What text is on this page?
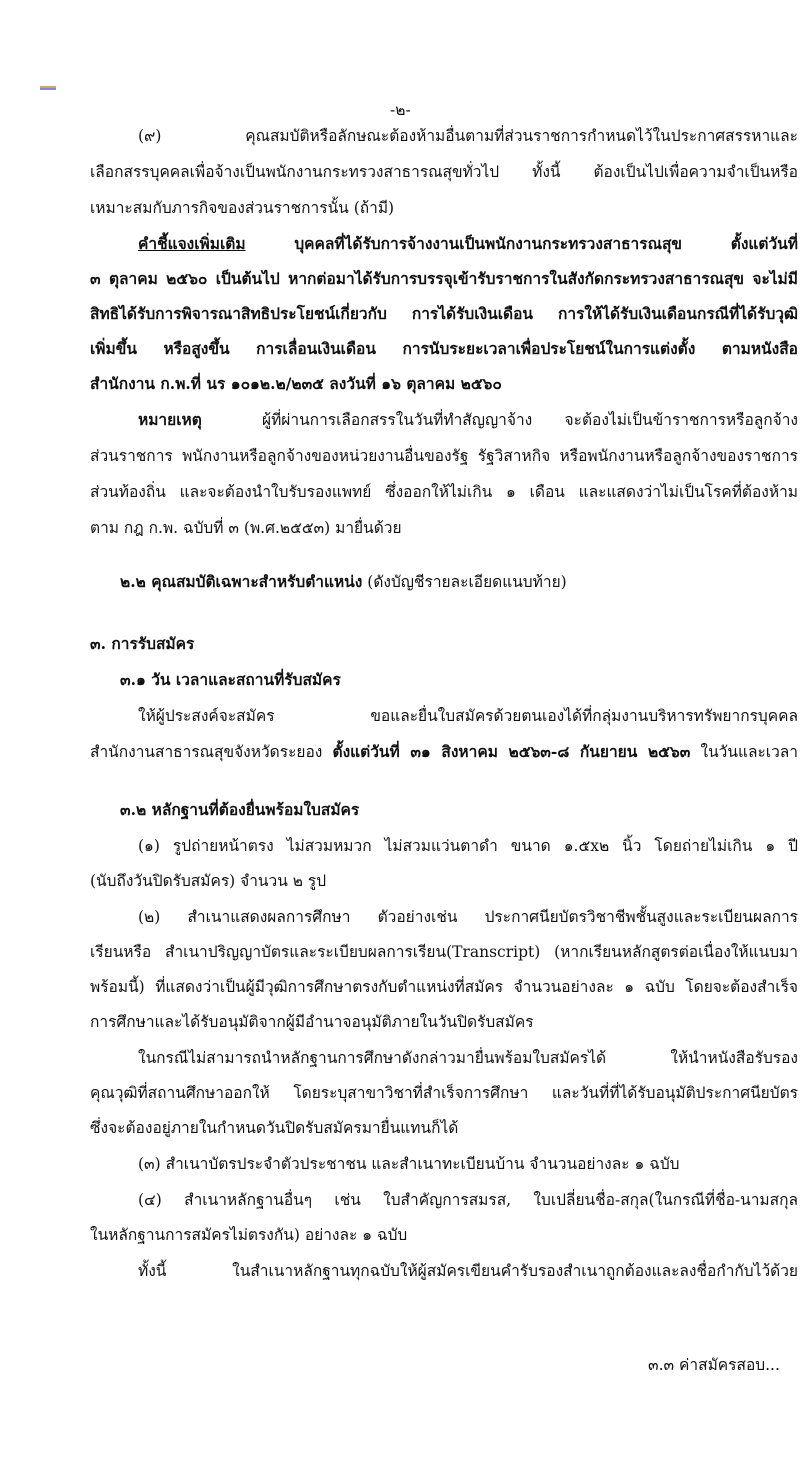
-๒-
(๙) คุณสมบัติหรือลักษณะต้องห้ามอื่นตามที่ส่วนราชการกำหนดไว้ในประกาศสรรหาและ
เลือกสรรบุคคลเพื่อจ้างเป็นพนักงานกระทรวงสาธารณสุขทั่วไป ทั้งนี้ ต้องเป็นไปเพื่อความจำเป็นหรือ
เหมาะสมกับภารกิจของส่วนราชการนั้น (ถ้ามี)
คำชี้แจงเพิ่มเติม บุคคลที่ได้รับการจ้างงานเป็นพนักงานกระทรวงสาธารณสุข ตั้งแต่วันที่
๓ ตุลาคม ๒๕๖๐ เป็นต้นไป หากต่อมาได้รับการบรรจุเข้ารับราชการในสังกัดกระทรวงสาธารณสุข จะไม่มี
สิทธิได้รับการพิจารณาสิทธิประโยชน์เกี่ยวกับ การได้รับเงินเดือน การให้ได้รับเงินเดือนกรณีที่ได้รับวุฒิ
เพิ่มขึ้น หรือสูงขึ้น การเลื่อนเงินเดือน การนับระยะเวลาเพื่อประโยชน์ในการแต่งตั้ง ตามหนังสือ
สำนักงาน ก.พ.ที่ นร ๑๐๑๒.๒/๒๓๕ ลงวันที่ ๑๖ ตุลาคม ๒๕๖๐
หมายเหตุ	ผู้ที่ผ่านการเลือกสรรในวันที่ทำสัญญาจ้าง จะต้องไม่เป็นข้าราชการหรือลูกจ้าง
ส่วนราชการ พนักงานหรือลูกจ้างของหน่วยงานอื่นของรัฐ รัฐวิสาหกิจ หรือพนักงานหรือลูกจ้างของราชการ
ส่วนท้องถิ่น และจะต้องนำใบรับรองแพทย์ ซึ่งออกให้ไม่เกิน ๑ เดือน และแสดงว่าไม่เป็นโรคที่ต้องห้าม
ตาม กฎ ก.พ. ฉบับที่ ๓ (พ.ศ.๒๕๕๓) มายื่นด้วย
๒.๒ คุณสมบัติเฉพาะสำหรับตำแหน่ง (ดังบัญชีรายละเอียดแนบท้าย)
๓. การรับสมัคร
๓.๑ วัน เวลาและสถานที่รับสมัคร
ให้ผู้ประสงค์จะสมัคร ขอและยื่นใบสมัครด้วยตนเองได้ที่กลุ่มงานบริหารทรัพยากรบุคคล
สำนักงานสาธารณสุขจังหวัดระยอง ตั้งแต่วันที่ ๓๑ สิงหาคม ๒๕๖๓-๘ กันยายน ๒๕๖๓ ในวันและเวลา
๓.๒ หลักฐานที่ต้องยื่นพร้อมใบสมัคร
(๑) รูปถ่ายหน้าตรง ไม่สวมหมวก ไม่สวมแว่นตาดำ ขนาด ๑.๕x๒ นิ้ว โดยถ่ายไม่เกิน ๑ ปี
(นับถึงวันปิดรับสมัคร) จำนวน ๒ รูป
(๒) สำเนาแสดงผลการศึกษา ตัวอย่างเช่น ประกาศนียบัตรวิชาชีพชั้นสูงและระเบียนผลการ
เรียนหรือ สำเนาปริญญาบัตรและระเบียบผลการเรียน(Transcript) (หากเรียนหลักสูตรต่อเนื่องให้แนบมา
พร้อมนี้) ที่แสดงว่าเป็นผู้มีวุฒิการศึกษาตรงกับตำแหน่งที่สมัคร จำนวนอย่างละ ๑ ฉบับ โดยจะต้องสำเร็จ
การศึกษาและได้รับอนุมัติจากผู้มีอำนาจอนุมัติภายในวันปิดรับสมัคร
ในกรณีไม่สามารถนำหลักฐานการศึกษาดังกล่าวมายื่นพร้อมใบสมัครได้ ให้นำหนังสือรับรอง
คุณวุฒิที่สถานศึกษาออกให้ โดยระบุสาขาวิชาที่สำเร็จการศึกษา และวันที่ที่ได้รับอนุมัติประกาศนียบัตร
ซึ่งจะต้องอยู่ภายในกำหนดวันปิดรับสมัครมายื่นแทนก็ได้
(๓) สำเนาบัตรประจำตัวประชาชน และสำเนาทะเบียนบ้าน จำนวนอย่างละ ๑ ฉบับ
(๔) สำเนาหลักฐานอื่นๆ เช่น ใบสำคัญการสมรส, ใบเปลี่ยนชื่อ-สกุล(ในกรณีที่ชื่อ-นามสกุล
ในหลักฐานการสมัครไม่ตรงกัน) อย่างละ ๑ ฉบับ
ทั้งนี้ ในสำเนาหลักฐานทุกฉบับให้ผู้สมัครเขียนคำรับรองสำเนาถูกต้องและลงชื่อกำกับไว้ด้วย
๓.๓ ค่าสมัครสอบ...
